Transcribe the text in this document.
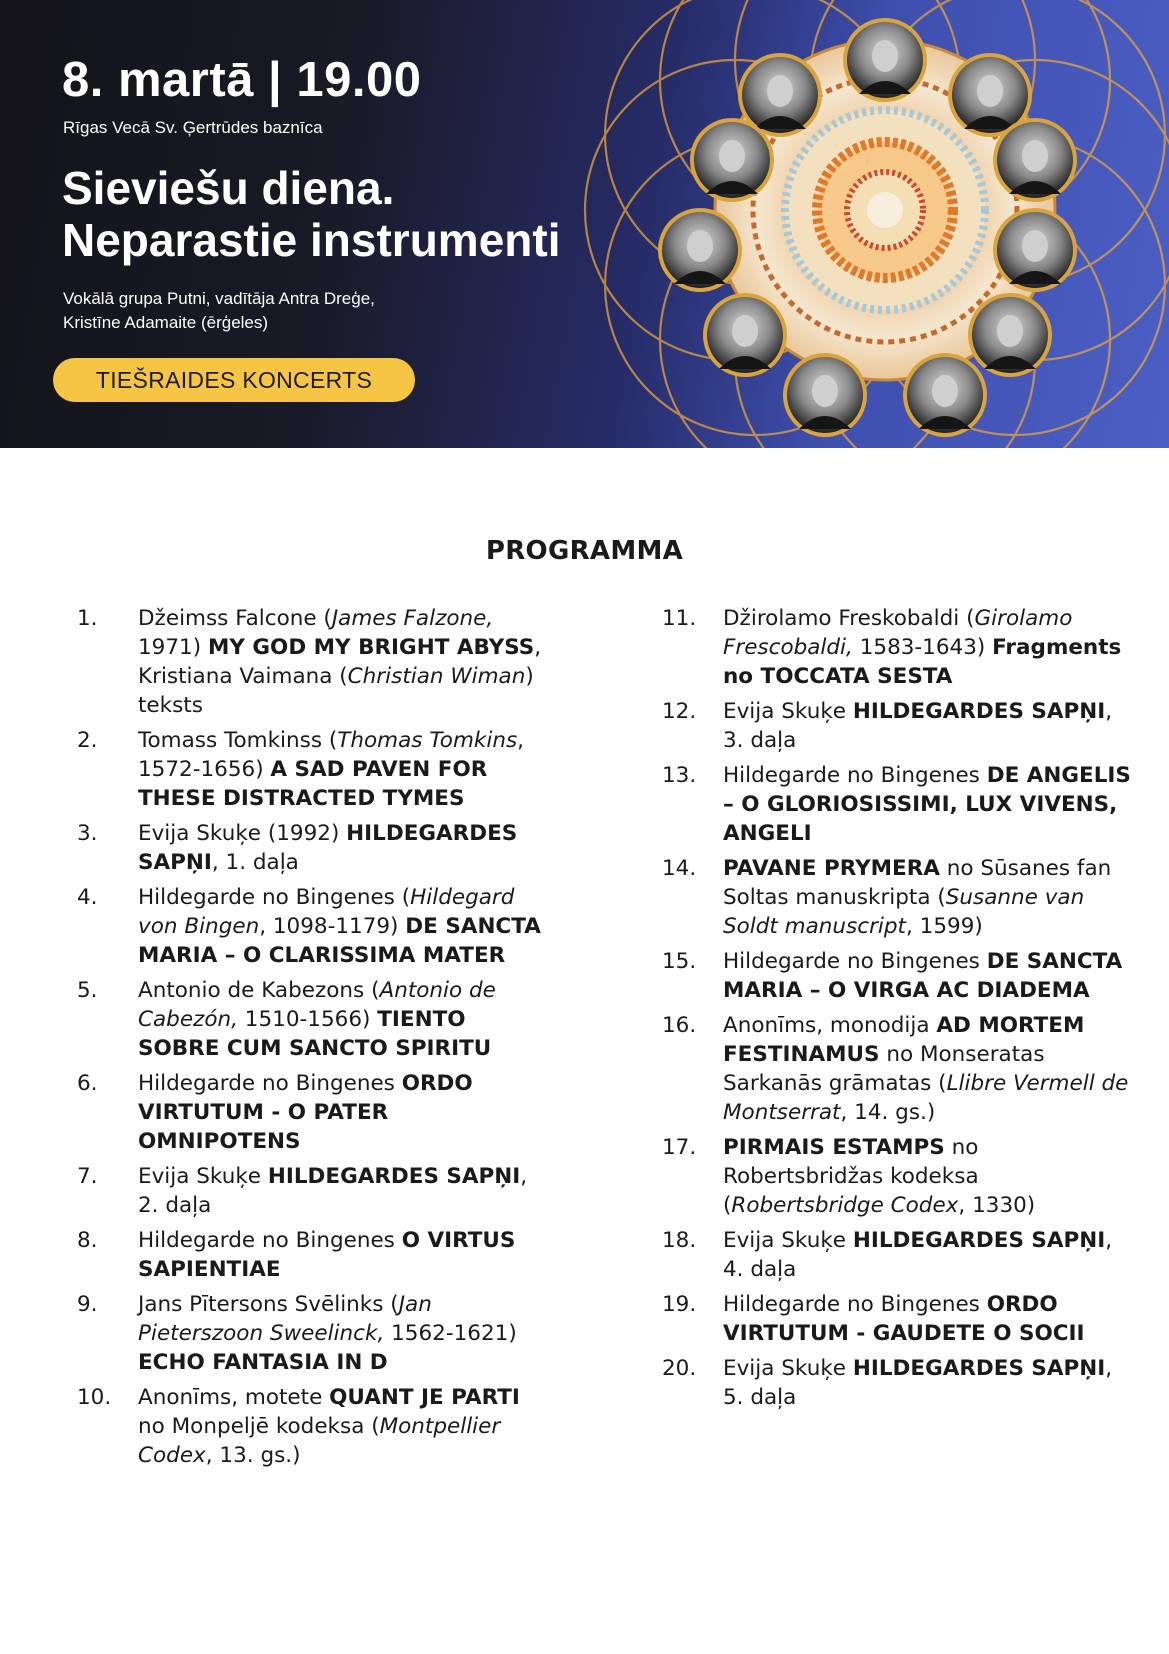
8. martā | 19.00
Rīgas Vecā Sv. Ģertrūdes baznīca
Sieviešu diena.
Neparastie instrumenti
Vokālā grupa Putni, vadītāja Antra Dreģe,
Kristīne Adamaite (ērģeles)
TIEŠRAIDES KONCERTS
PROGRAMMA
1. Džeimss Falcone (James Falzone, 1971) MY GOD MY BRIGHT ABYSS, Kristiana Vaimana (Christian Wiman) teksts
2. Tomass Tomkinss (Thomas Tomkins, 1572-1656) A SAD PAVEN FOR THESE DISTRACTED TYMES
3. Evija Skuķe (1992) HILDEGARDES SAPŅI, 1. daļa
4. Hildegarde no Bingenes (Hildegard von Bingen, 1098-1179) DE SANCTA MARIA – O CLARISSIMA MATER
5. Antonio de Kabezons (Antonio de Cabezón, 1510-1566) TIENTO SOBRE CUM SANCTO SPIRITU
6. Hildegarde no Bingenes ORDO VIRTUTUM - O PATER OMNIPOTENS
7. Evija Skuķe HILDEGARDES SAPŅI, 2. daļa
8. Hildegarde no Bingenes O VIRTUS SAPIENTIAE
9. Jans Pītersons Svēlinks (Jan Pieterszoon Sweelinck, 1562-1621) ECHO FANTASIA IN D
10. Anonīms, motete QUANT JE PARTI no Monpeljē kodeksa (Montpellier Codex, 13. gs.)
11. Džirolamo Freskobaldi (Girolamo Frescobaldi, 1583-1643) Fragments no TOCCATA SESTA
12. Evija Skuķe HILDEGARDES SAPŅI, 3. daļa
13. Hildegarde no Bingenes DE ANGELIS – O GLORIOSISSIMI, LUX VIVENS, ANGELI
14. PAVANE PRYMERA no Sūsanes fan Soltas manuskripta (Susanne van Soldt manuscript, 1599)
15. Hildegarde no Bingenes DE SANCTA MARIA – O VIRGA AC DIADEMA
16. Anonīms, monodija AD MORTEM FESTINAMUS no Monseratas Sarkanās grāmatas (Llibre Vermell de Montserrat, 14. gs.)
17. PIRMAIS ESTAMPS no Robertsbridžas kodeksa (Robertsbridge Codex, 1330)
18. Evija Skuķe HILDEGARDES SAPŅI, 4. daļa
19. Hildegarde no Bingenes ORDO VIRTUTUM - GAUDETE O SOCII
20. Evija Skuķe HILDEGARDES SAPŅI, 5. daļa
